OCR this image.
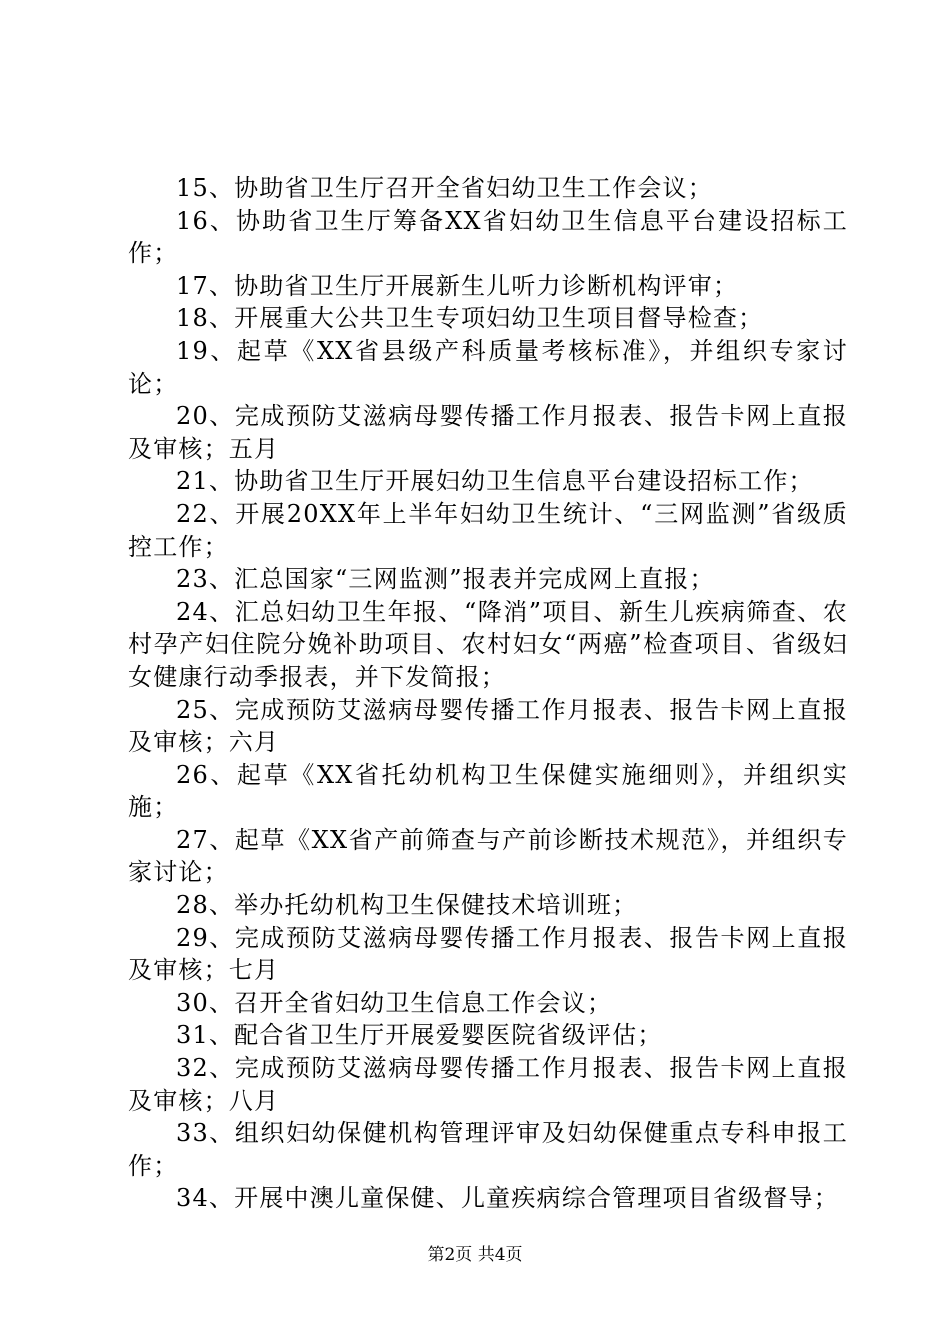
15、协助省卫生厅召开全省妇幼卫生工作会议；

16、协助省卫生厅筹备XX省妇幼卫生信息平台建设招标工作；

17、协助省卫生厅开展新生儿听力诊断机构评审；

18、开展重大公共卫生专项妇幼卫生项目督导检查；

19、起草《XX省县级产科质量考核标准》，并组织专家讨论；

20、完成预防艾滋病母婴传播工作月报表、报告卡网上直报及审核；五月

21、协助省卫生厅开展妇幼卫生信息平台建设招标工作；

22、开展20XX年上半年妇幼卫生统计、“三网监测”省级质控工作；

23、汇总国家“三网监测”报表并完成网上直报；

24、汇总妇幼卫生年报、“降消”项目、新生儿疾病筛查、农村孕产妇住院分娩补助项目、农村妇女“两癌”检查项目、省级妇女健康行动季报表，并下发简报；

25、完成预防艾滋病母婴传播工作月报表、报告卡网上直报及审核；六月

26、起草《XX省托幼机构卫生保健实施细则》，并组织实施；

27、起草《XX省产前筛查与产前诊断技术规范》，并组织专家讨论；

28、举办托幼机构卫生保健技术培训班；

29、完成预防艾滋病母婴传播工作月报表、报告卡网上直报及审核；七月

30、召开全省妇幼卫生信息工作会议；

31、配合省卫生厅开展爱婴医院省级评估；

32、完成预防艾滋病母婴传播工作月报表、报告卡网上直报及审核；八月

33、组织妇幼保健机构管理评审及妇幼保健重点专科申报工作；

34、开展中澳儿童保健、儿童疾病综合管理项目省级督导；

第2页 共4页
